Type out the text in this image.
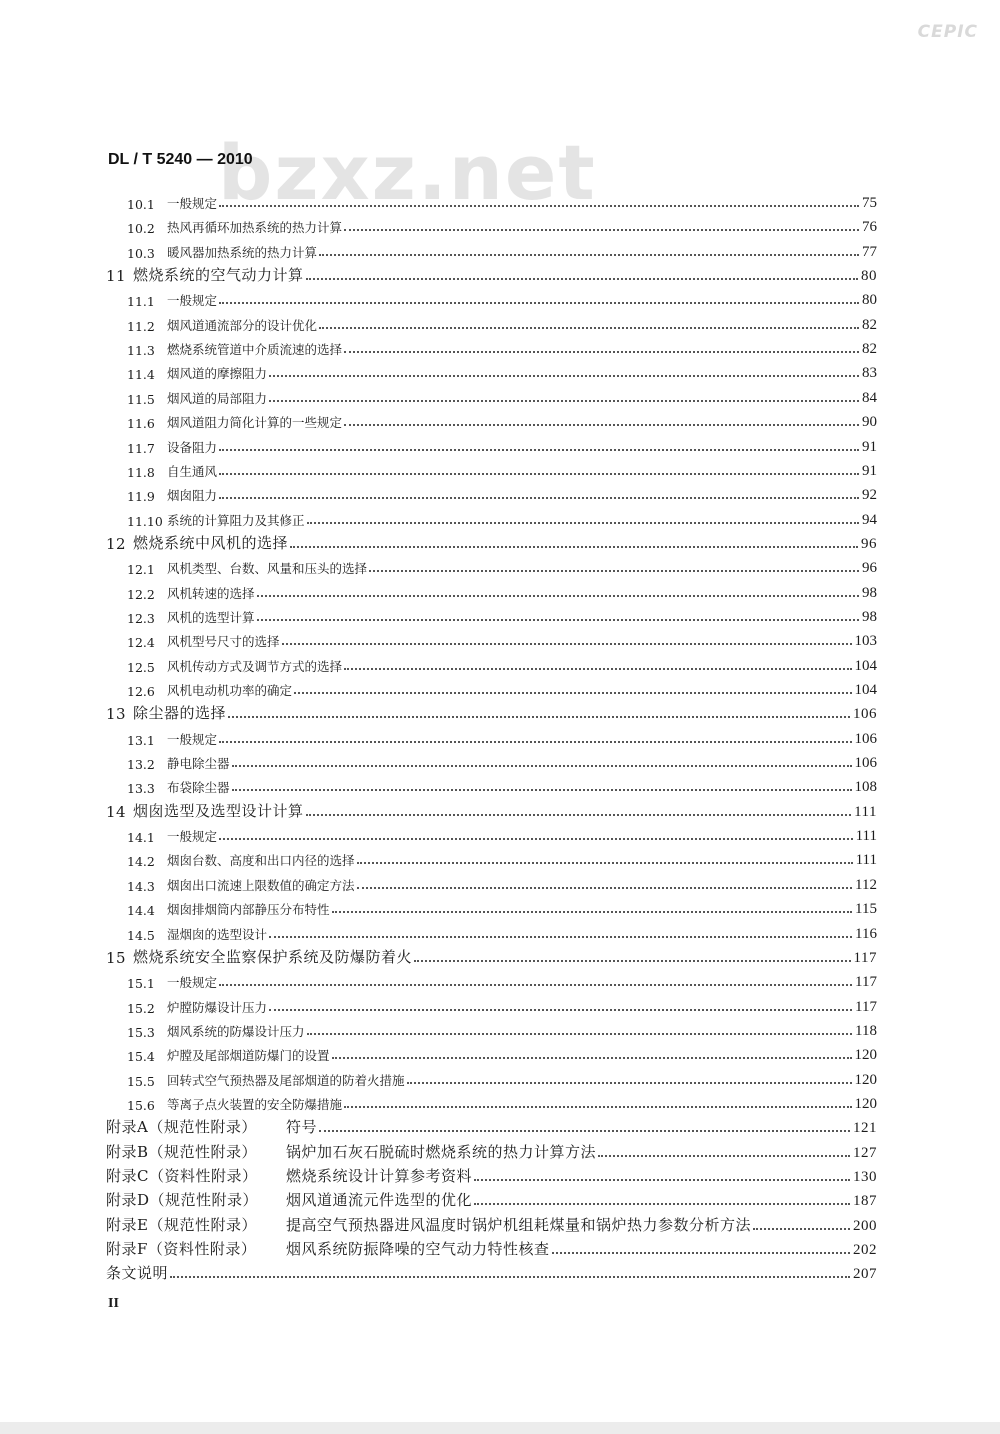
CEPIC
bzxz.net
DL / T 5240 — 2010
10.1 一般规定	75
10.2 热风再循环加热系统的热力计算	76
10.3 暖风器加热系统的热力计算	77
11 燃烧系统的空气动力计算	80
11.1 一般规定	80
11.2 烟风道通流部分的设计优化	82
11.3 燃烧系统管道中介质流速的选择	82
11.4 烟风道的摩擦阻力	83
11.5 烟风道的局部阻力	84
11.6 烟风道阻力简化计算的一些规定	90
11.7 设备阻力	91
11.8 自生通风	91
11.9 烟囱阻力	92
11.10 系统的计算阻力及其修正	94
12 燃烧系统中风机的选择	96
12.1 风机类型、台数、风量和压头的选择	96
12.2 风机转速的选择	98
12.3 风机的选型计算	98
12.4 风机型号尺寸的选择	103
12.5 风机传动方式及调节方式的选择	104
12.6 风机电动机功率的确定	104
13 除尘器的选择	106
13.1 一般规定	106
13.2 静电除尘器	106
13.3 布袋除尘器	108
14 烟囱选型及选型设计计算	111
14.1 一般规定	111
14.2 烟囱台数、高度和出口内径的选择	111
14.3 烟囱出口流速上限数值的确定方法	112
14.4 烟囱排烟筒内部静压分布特性	115
14.5 湿烟囱的选型设计	116
15 燃烧系统安全监察保护系统及防爆防着火	117
15.1 一般规定	117
15.2 炉膛防爆设计压力	117
15.3 烟风系统的防爆设计压力	118
15.4 炉膛及尾部烟道防爆门的设置	120
15.5 回转式空气预热器及尾部烟道的防着火措施	120
15.6 等离子点火装置的安全防爆措施	120
附录A（规范性附录）	符号	121
附录B（规范性附录）	锅炉加石灰石脱硫时燃烧系统的热力计算方法	127
附录C（资料性附录）	燃烧系统设计计算参考资料	130
附录D（规范性附录）	烟风道通流元件选型的优化	187
附录E（规范性附录）	提高空气预热器进风温度时锅炉机组耗煤量和锅炉热力参数分析方法	200
附录F（资料性附录）	烟风系统防振降噪的空气动力特性核查	202
条文说明	207
II
